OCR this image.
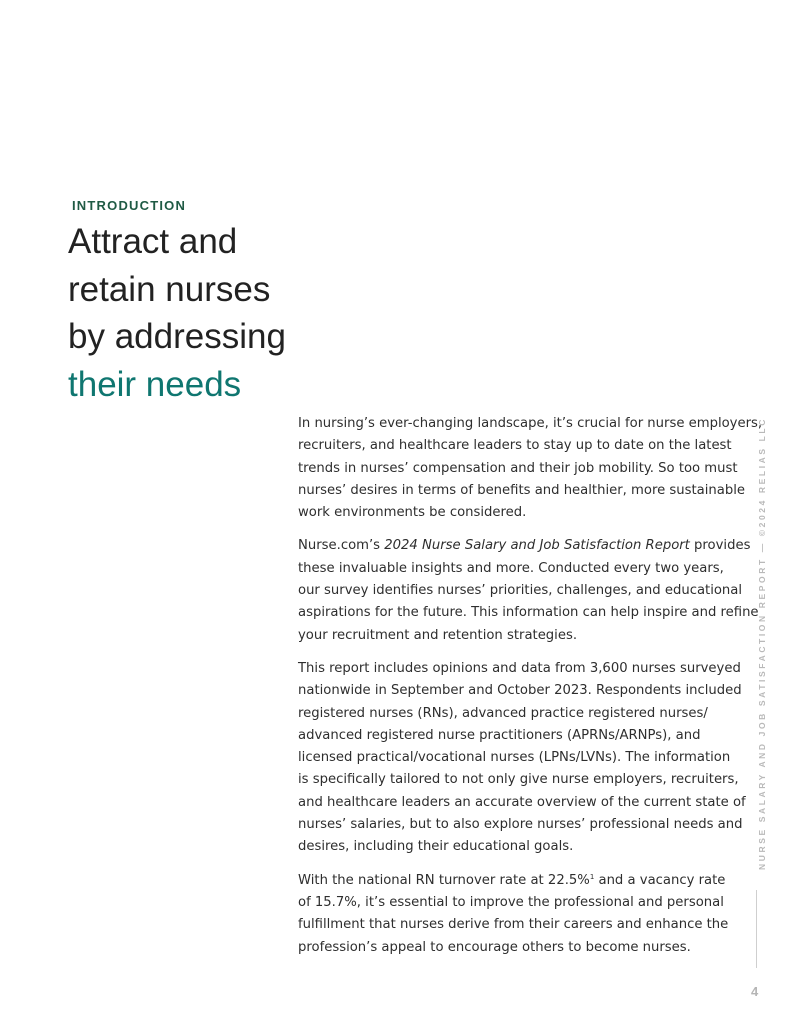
INTRODUCTION
Attract and
retain nurses
by addressing
their needs

In nursing’s ever-changing landscape, it’s crucial for nurse employers,
recruiters, and healthcare leaders to stay up to date on the latest
trends in nurses’ compensation and their job mobility. So too must
nurses’ desires in terms of benefits and healthier, more sustainable
work environments be considered.

Nurse.com’s 2024 Nurse Salary and Job Satisfaction Report provides
these invaluable insights and more. Conducted every two years,
our survey identifies nurses’ priorities, challenges, and educational
aspirations for the future. This information can help inspire and refine
your recruitment and retention strategies.

This report includes opinions and data from 3,600 nurses surveyed
nationwide in September and October 2023. Respondents included
registered nurses (RNs), advanced practice registered nurses/
advanced registered nurse practitioners (APRNs/ARNPs), and
licensed practical/vocational nurses (LPNs/LVNs). The information
is specifically tailored to not only give nurse employers, recruiters,
and healthcare leaders an accurate overview of the current state of
nurses’ salaries, but to also explore nurses’ professional needs and
desires, including their educational goals.

With the national RN turnover rate at 22.5%$^1$ and a vacancy rate
of 15.7%, it’s essential to improve the professional and personal
fulfillment that nurses derive from their careers and enhance the
profession’s appeal to encourage others to become nurses.

NURSE SALARY AND JOB SATISFACTION REPORT — ©2024 RELIAS LLC
4
